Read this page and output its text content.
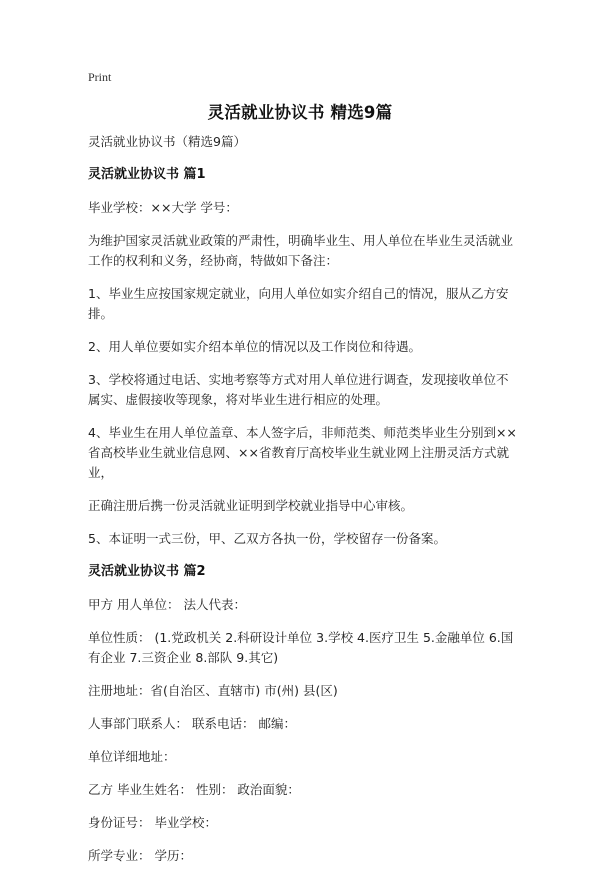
Print
灵活就业协议书 精选9篇

灵活就业协议书（精选9篇）

灵活就业协议书 篇1

毕业学校：××大学 学号：

为维护国家灵活就业政策的严肃性，明确毕业生、用人单位在毕业生灵活就业工作的权利和义务，经协商，特做如下备注：

1、毕业生应按国家规定就业，向用人单位如实介绍自己的情况，服从乙方安排。

2、用人单位要如实介绍本单位的情况以及工作岗位和待遇。

3、学校将通过电话、实地考察等方式对用人单位进行调查，发现接收单位不属实、虚假接收等现象，将对毕业生进行相应的处理。

4、毕业生在用人单位盖章、本人签字后，非师范类、师范类毕业生分别到××省高校毕业生就业信息网、××省教育厅高校毕业生就业网上注册灵活方式就业，

正确注册后携一份灵活就业证明到学校就业指导中心审核。

5、本证明一式三份，甲、乙双方各执一份，学校留存一份备案。

灵活就业协议书 篇2

甲方 用人单位： 法人代表：

单位性质： (1.党政机关 2.科研设计单位 3.学校 4.医疗卫生 5.金融单位 6.国有企业 7.三资企业 8.部队 9.其它)

注册地址：省(自治区、直辖市) 市(州) 县(区)

人事部门联系人： 联系电话： 邮编：

单位详细地址：

乙方 毕业生姓名： 性别： 政治面貌：

身份证号： 毕业学校：

所学专业： 学历：
